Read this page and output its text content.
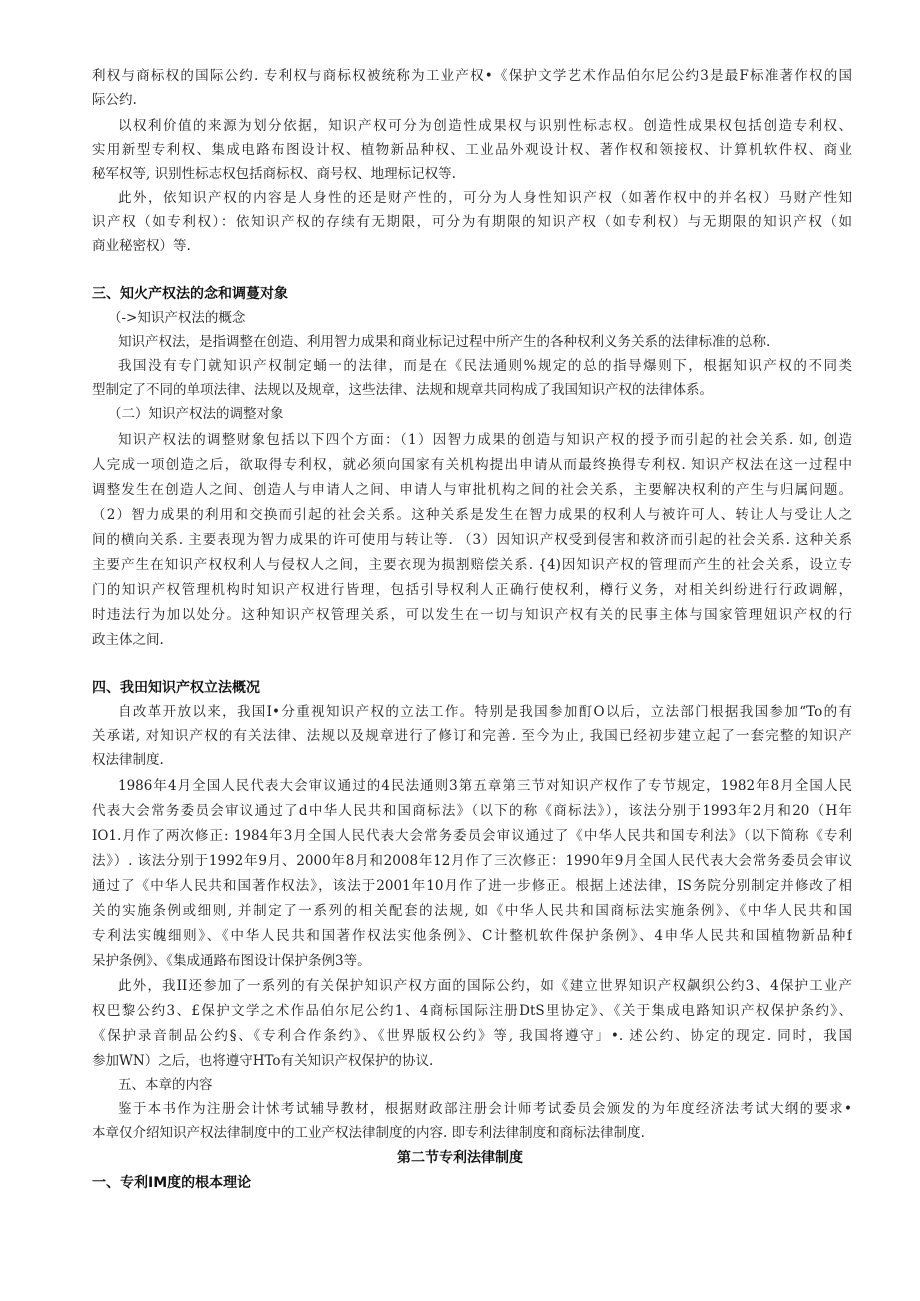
利权与商标权的国际公约. 专利权与商标权被统称为工业产权•《保护文学艺术作品伯尔尼公约3是最F标准著作权的国
际公约.
以权利价值的来源为划分依据，知识产权可分为创造性成果权与识别性标志权。创造性成果权包括创造专利权、
实用新型专利权、集成电路布图设计权、植物新品种权、工业品外观设计权、著作权和领接权、计算机软件权、商业
秘军权等, 识别性标志权包括商标权、商号权、地理标记权等.
此外，依知识产权的内容是人身性的还是财产性的，可分为人身性知识产权（如著作权中的并名权）马财产性知
识产权（如专利权）：依知识产权的存续有无期限，可分为有期限的知识产权（如专利权）与无期限的知识产权（如
商业秘密权）等.
三、知火产权法的念和调蔓对象
（->知识产权法的概念
知识产权法，是指调整在创造、利用智力成果和商业标记过程中所产生的各种权利义务关系的法律标准的总称.
我国没有专门就知识产权制定蛹一的法律，而是在《民法通则%规定的总的指导爆则下，根据知识产权的不同类
型制定了不同的单项法律、法规以及规章，这些法律、法规和规章共同构成了我国知识产权的法律体系。
（二）知识产权法的调整对象
知识产权法的调整财象包括以下四个方面：（1）因智力成果的创造与知识产权的授予而引起的社会关系. 如, 创造
人完成一项创造之后，欲取得专利权，就必须向国家有关机构提出申请从而最终换得专利权. 知识产权法在这一过程中
调整发生在创造人之间、创造人与申请人之间、申请人与审批机构之间的社会关系，主要解决权利的产生与归属问题。
（2）智力成果的利用和交换而引起的社会关系。这种关系是发生在智力成果的权利人与被许可人、转让人与受让人之
间的横向关系. 主要表现为智力成果的许可使用与转让等. （3）因知识产权受到侵害和救济而引起的社会关系. 这种关系
主要产生在知识产权权利人与侵权人之间，主要衣现为损割赔偿关系. {4)因知识产权的管理而产生的社会关系，设立专
门的知识产权管理机构时知识产权进行皆理，包括引导权利人正确行使权利，樽行义务，对相关纠纷进行行政调解，
时违法行为加以处分。这种知识产权管理关系，可以发生在一切与知识产权有关的民事主体与国家管理妞识产权的行
政主体之间.
四、我田知识产权立法概况
自改革开放以来，我国I•分重视知识产权的立法工作。特别是我国参加酊O以后，立法部门根据我国参加“To的有
关承诺, 对知识产权的有关法律、法规以及规章进行了修订和完善. 至今为止, 我国已经初步建立起了一套完整的知识产
权法律制度.
1986年4月全国人民代表大会审议通过的4民法通则3第五章第三节对知识产权作了专节规定，1982年8月全国人民
代表大会常务委员会审议通过了d中华人民共和国商标法》（以下的称《商标法》），该法分别于1993年2月和20（H年
IO1.月作了两次修正: 1984年3月全国人民代表大会常务委员会审议通过了《中华人民共和国专利法》（以下简称《专利
法》）. 该法分别于1992年9月、2000年8月和2008年12月作了三次修正：1990年9月全国人民代表大会常务委员会审议
通过了《中华人民共和国著作权法》，该法于2001年10月作了进一步修正。根据上述法律，IS务院分别制定并修改了相
关的实施条例或细则, 并制定了一系列的相关配套的法规, 如《中华人民共和国商标法实施条例》、《中华人民共和国
专利法实魄细则》、《中华人民共和国著作权法实他条例》、C计整机软件保护条例》、4申华人民共和国植物新品种f
呆护条例》、《集成通路布图设计保护条例3等。
此外，我II还参加了一系列的有关保护知识产权方面的国际公约，如《建立世界知识产权飙织公约3、4保护工业产
权巴黎公约3、£保护文学之术作品伯尔尼公约1、4商标国际注册DtS里协定》、《关于集成电路知识产权保护条约》、
《保护录音制品公约§、《专利合作条约》、《世界版权公约》等, 我国将遵守」•. 述公约、协定的现定. 同时，我国
参加WN）之后，也将遵守HTo有关知识产权保护的协议.
五、本章的内容
鉴于本书作为注册会计怵考试辅导教材，根据财政部注册会计师考试委员会颁发的为年度经济法考试大纲的要求•
本章仅介绍知识产权法律制度中的工业产权法律制度的内容. 即专利法律制度和商标法律制度.
第二节专利法律制度
一、专利IM度的根本理论
